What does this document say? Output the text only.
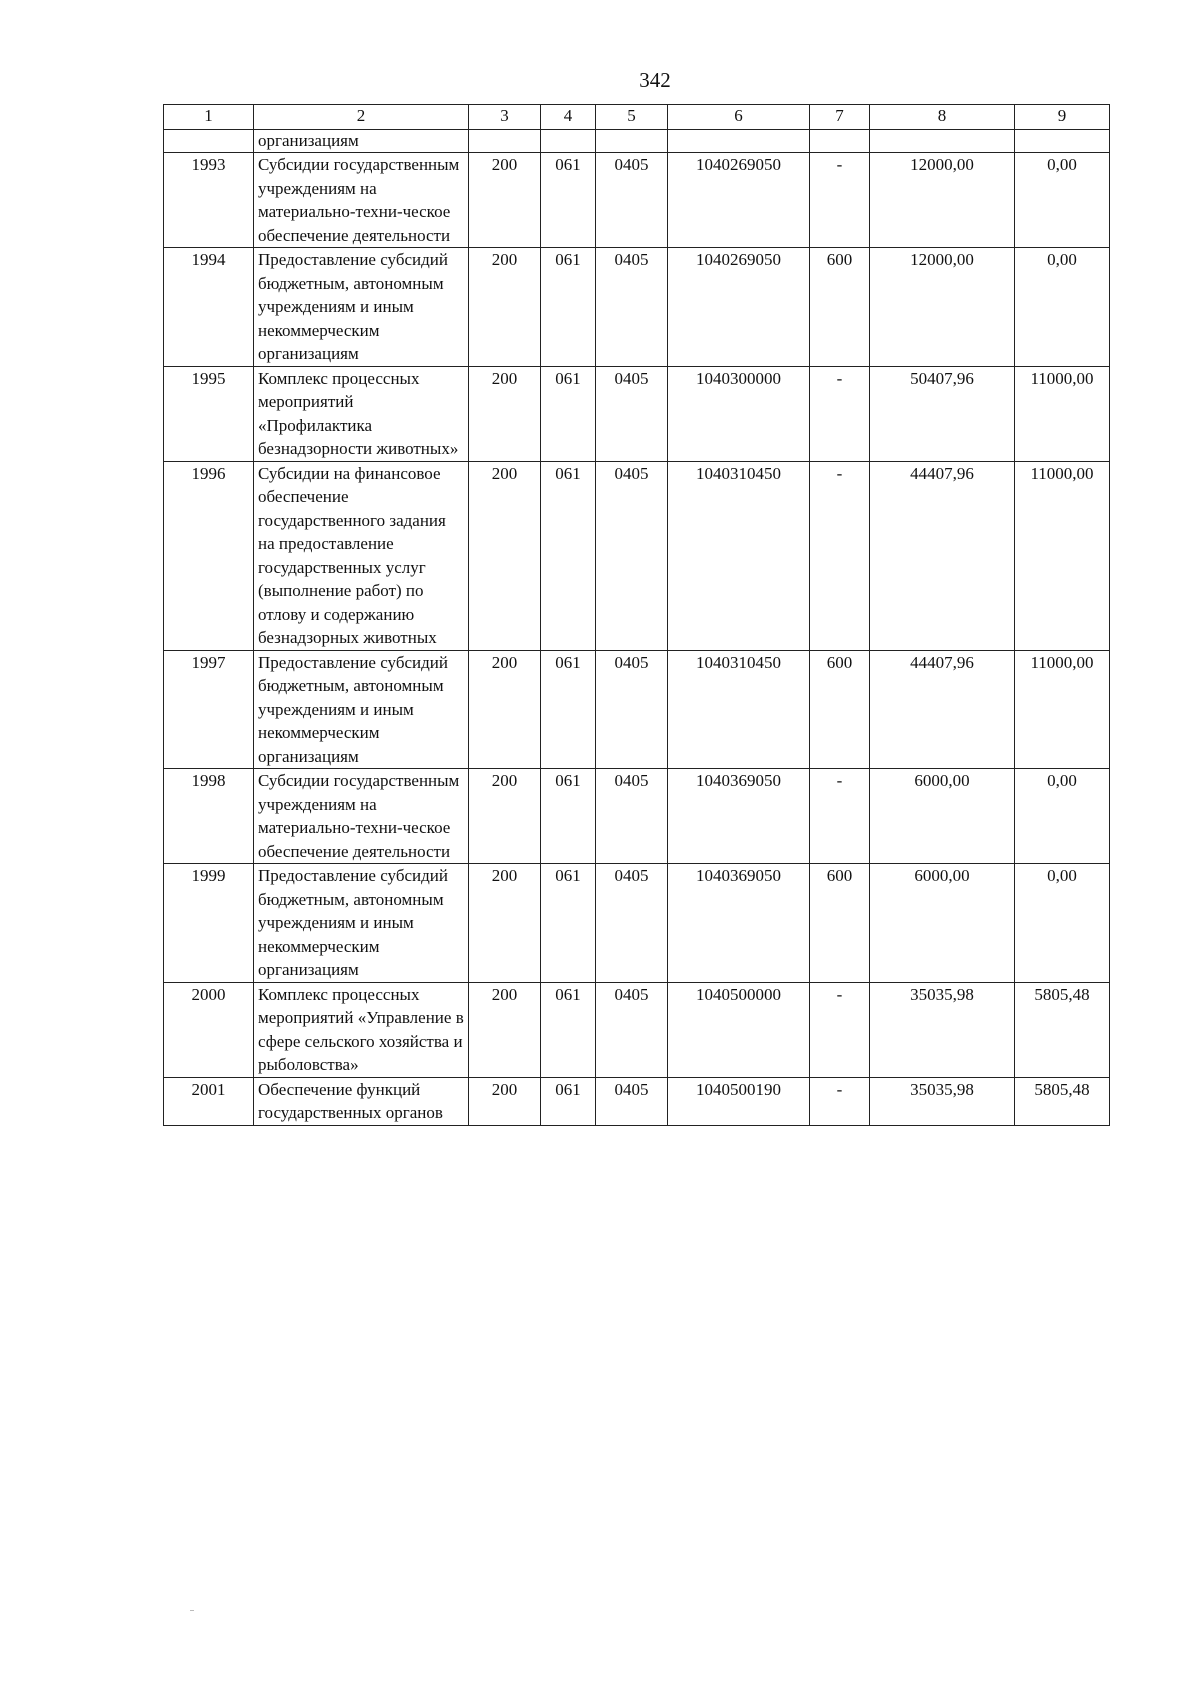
342
1	2	3	4	5	6	7	8	9
	организациям							
1993	Субсидии государственным учреждениям на материально-техни-ческое обеспечение деятельности	200	061	0405	1040269050	-	12000,00	0,00
1994	Предоставление субсидий бюджетным, автономным учреждениям и иным некоммерческим организациям	200	061	0405	1040269050	600	12000,00	0,00
1995	Комплекс процессных мероприятий «Профилактика безнадзорности животных»	200	061	0405	1040300000	-	50407,96	11000,00
1996	Субсидии на финансовое обеспечение государственного задания на предоставление государственных услуг (выполнение работ) по отлову и содержанию безнадзорных животных	200	061	0405	1040310450	-	44407,96	11000,00
1997	Предоставление субсидий бюджетным, автономным учреждениям и иным некоммерческим организациям	200	061	0405	1040310450	600	44407,96	11000,00
1998	Субсидии государственным учреждениям на материально-техни-ческое обеспечение деятельности	200	061	0405	1040369050	-	6000,00	0,00
1999	Предоставление субсидий бюджетным, автономным учреждениям и иным некоммерческим организациям	200	061	0405	1040369050	600	6000,00	0,00
2000	Комплекс процессных мероприятий «Управление в сфере сельского хозяйства и рыболовства»	200	061	0405	1040500000	-	35035,98	5805,48
2001	Обеспечение функций государственных органов	200	061	0405	1040500190	-	35035,98	5805,48
